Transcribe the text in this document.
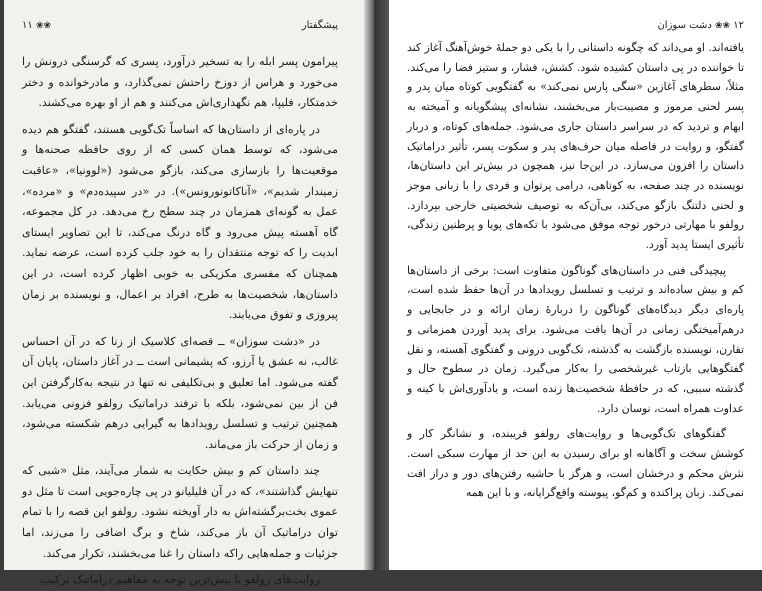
پیشگفتار
❀❀ ۱۱

پیرامون پسر ابله را به تسخیر درآورد، پسری که گرسنگی درونش را می‌خورد و هراس از دوزخ راحتش نمی‌گذارد، و مادرخوانده و دختر خدمتکار، فلیپا، هم نگهداری‌اش می‌کنند و هم از او بهره می‌کشند.

در پاره‌ای از داستان‌ها که اساساً تک‌گویی هستند، گفتگو هم دیده می‌شود، که توسط همان کسی که از روی حافظه صحنه‌ها و موقعیت‌ها را بازسازی می‌کند، بازگو می‌شود («لوونیا»، «عاقبت زمیندار شدیم»، «آناکاتونورونس»). در «در سپیده‌دم» و «مرده»، عمل به گونه‌ای همزمان در چند سطح رخ می‌دهد. در کل مجموعه، گاه آهسته پیش می‌رود و گاه درنگ می‌کند، تا این تصاویر ایستای ابدیت را که توجه منتقدان را به خود جلب کرده است، عرضه نماید. همچنان که مفسری مکزیکی به خوبی اظهار کرده است، در این داستان‌ها، شخصیت‌ها به طرح، افراد بر اعمال، و نویسنده بر زمان پیروزی و تفوق می‌یابند.

در «دشت سوزان» ــ قصه‌ای کلاسیک از زنا که در آن احساس غالب، نه عشق یا آرزو، که پشیمانی است ــ در آغاز داستان، پایان آن گفته می‌شود. اما تعلیق و بی‌تکلیفی نه تنها در نتیجه به‌کارگرفتن این فن از بین نمی‌شود، بلکه با ترفند دراماتیک رولفو فزونی می‌یابد. همچنین ترتیب و تسلسل رویدادها به گیرایی درهم شکسته می‌شود، و زمان از حرکت باز می‌ماند.

چند داستان کم و بیش حکایت به شمار می‌آیند، مثل «شبی که تنهایش گذاشتند»، که در آن فلیلیانو در پی چاره‌جویی است تا مثل دو عموی بخت‌برگشته‌اش به دار آویخته نشود. رولفو این قصه را با تمام توان دراماتیک آن باز می‌کند، شاخ و برگ اضافی را می‌زند، اما جزئیات و جمله‌هایی راکه داستان را غنا می‌بخشند، تکرار می‌کند.

روایت‌های رولفو با بیش‌ترین توجه به مفاهیم دراماتیک ترکیب

۱۲ ❀❀ دشت سوزان

یافته‌اند. او می‌داند که چگونه داستانی را با یکی دو جملهٔ خوش‌آهنگ آغاز کند تا خواننده در پی داستان کشیده شود. کشش، فشار، و ستیز فضا را می‌کند. مثلاً، سطرهای آغازین «سگی پارس نمی‌کند» به گفتگویی کوتاه میان پدر و پسر لحنی مرموز و مصیبت‌بار می‌بخشند، نشانه‌ای پیشگویانه و آمیخته به ابهام و تردید که در سراسر داستان جاری می‌شود. جمله‌های کوتاه، و دربار گفتگو، و روایت در فاصله میان حرف‌های پدر و سکوت پسر، تأثیر دراماتیک داستان را افزون می‌سازد. در این‌جا نیز، همچون در بیش‌تر این داستان‌ها، نویسنده در چند صفحه، به کوتاهی، درامی پرتوان و فردی را با زبانی موجز و لحنی دلتنگ بازگو می‌کند، بی‌آن‌که به توصیف شخصیتی خارجی بپردازد. رولفو با مهارتی درخور توجه موفق می‌شود با تکه‌های پویا و پرطنین زندگی، تأثیری ایستا پدید آورد.

پیچیدگی فنی در داستان‌های گوناگون متفاوت است: برخی از داستان‌ها کم و بیش ساده‌اند و ترتیب و تسلسل رویدادها در آن‌ها حفظ شده است، پاره‌ای دیگر دیدگاه‌های گوناگون را دربارهٔ زمان ارائه و در جابجایی و درهم‌آمیختگی زمانی در آن‌ها یافت می‌شود. برای پدید آوردن همزمانی و تقارن، نویسنده بازگشت به گذشته، تک‌گویی درونی و گفتگوی آهسته، و نقل گفتگوهایی بازتاب غیرشخصی را به‌کار می‌گیرد. زمان در سطوح حال و گذشته سببی، که در حافظهٔ شخصیت‌ها زنده است، و یادآوری‌اش با کینه و عداوت همراه است، نوسان دارد.

گفتگوهای تک‌گویی‌ها و روایت‌های رولفو فریبنده، و نشانگر کار و کوشش سخت و آگاهانه او برای رسیدن به این حد از مهارت سبکی است. نثرش محکم و درخشان است، و هرگز با حاشیه رفتن‌های دور و دراز افت نمی‌کند. زبان پراکنده و کم‌گو، پیوسته واقع‌گرایانه، و با این همه
